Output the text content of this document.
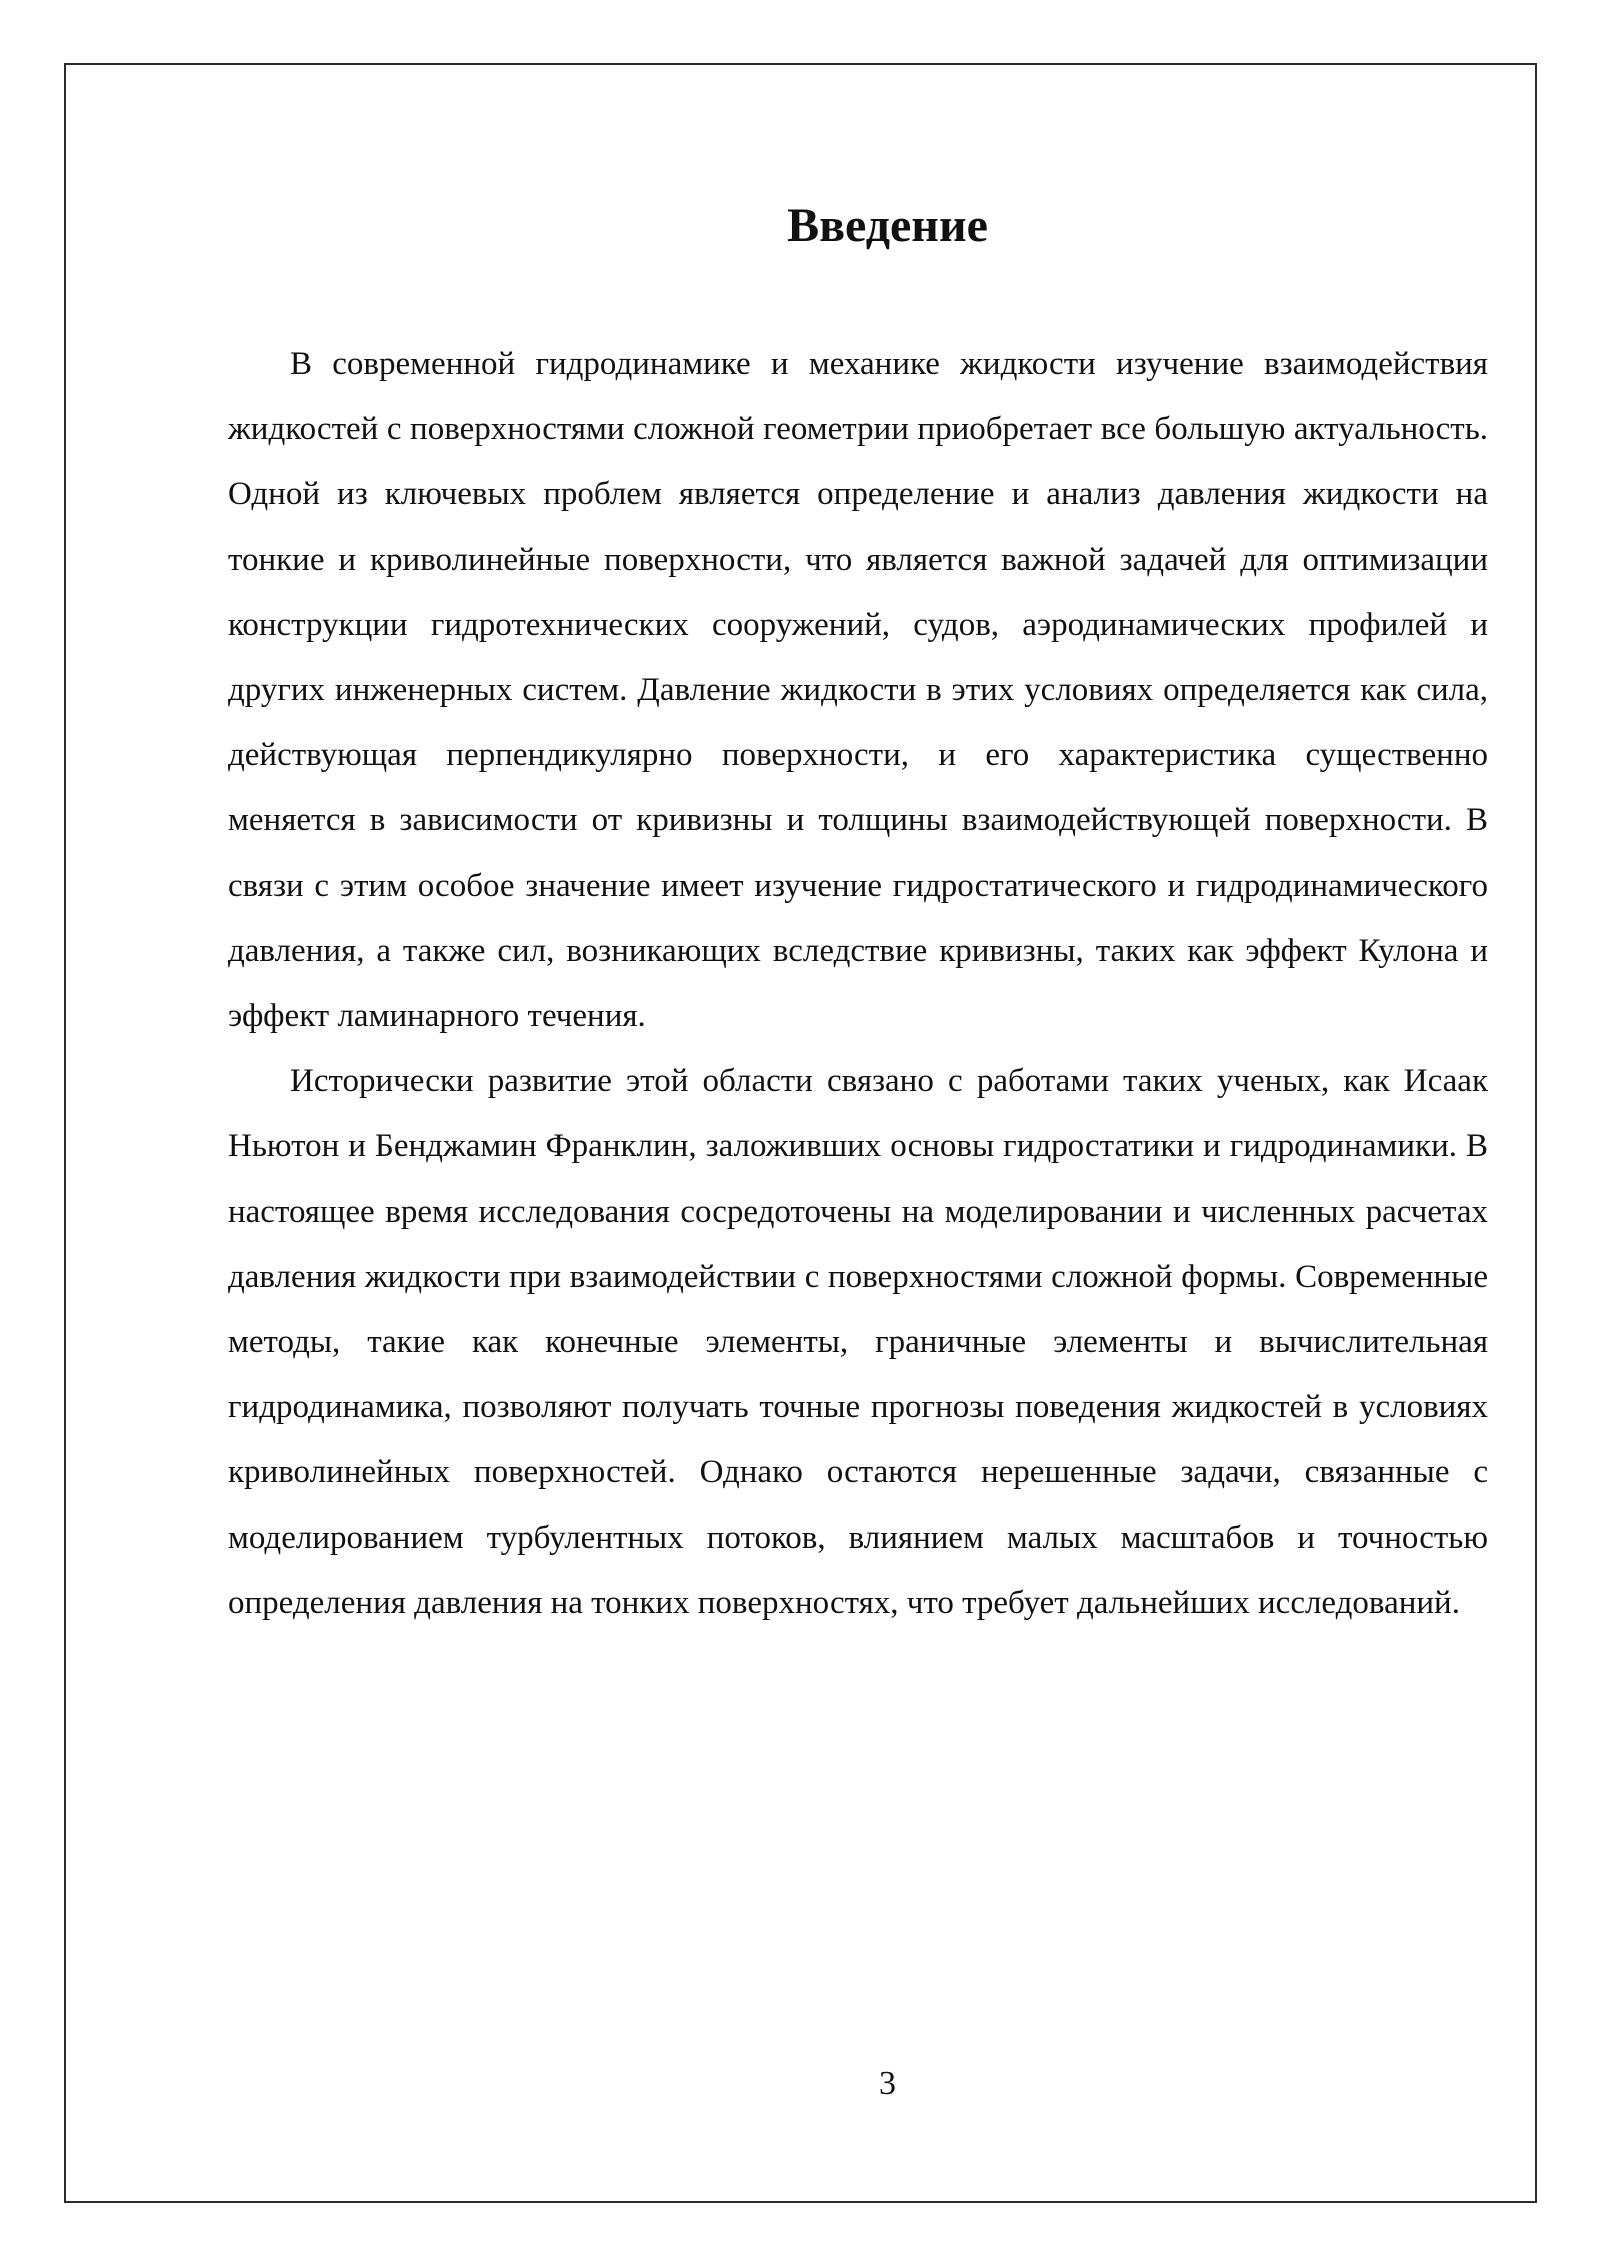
Введение

В современной гидродинамике и механике жидкости изучение взаимодействия жидкостей с поверхностями сложной геометрии приобретает все большую актуальность. Одной из ключевых проблем является определение и анализ давления жидкости на тонкие и криволинейные поверхности, что является важной задачей для оптимизации конструкции гидротехнических сооружений, судов, аэродинамических профилей и других инженерных систем. Давление жидкости в этих условиях определяется как сила, действующая перпендикулярно поверхности, и его характеристика существенно меняется в зависимости от кривизны и толщины взаимодействующей поверхности. В связи с этим особое значение имеет изучение гидростатического и гидродинамического давления, а также сил, возникающих вследствие кривизны, таких как эффект Кулона и эффект ламинарного течения.

Исторически развитие этой области связано с работами таких ученых, как Исаак Ньютон и Бенджамин Франклин, заложивших основы гидростатики и гидродинамики. В настоящее время исследования сосредоточены на моделировании и численных расчетах давления жидкости при взаимодействии с поверхностями сложной формы. Современные методы, такие как конечные элементы, граничные элементы и вычислительная гидродинамика, позволяют получать точные прогнозы поведения жидкостей в условиях криволинейных поверхностей. Однако остаются нерешенные задачи, связанные с моделированием турбулентных потоков, влиянием малых масштабов и точностью определения давления на тонких поверхностях, что требует дальнейших исследований.

3
